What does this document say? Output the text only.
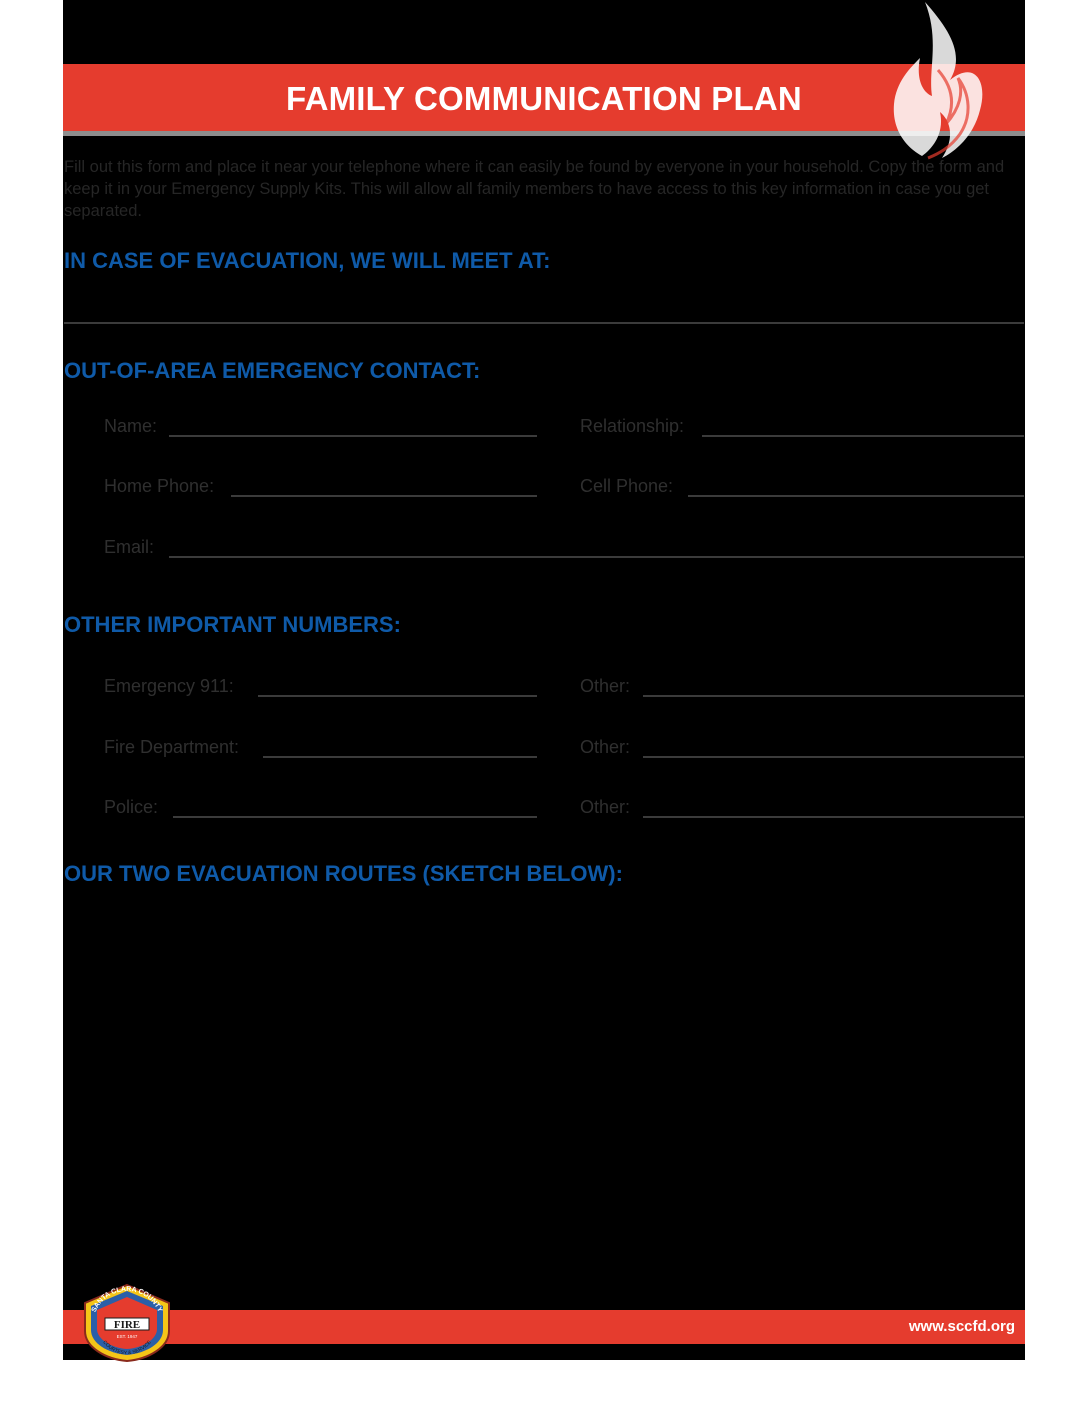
FAMILY COMMUNICATION PLAN

Fill out this form and place it near your telephone where it can easily be found by everyone in your household. Copy the form and keep it in your Emergency Supply Kits. This will allow all family members to have access to this key information in case you get separated.

IN CASE OF EVACUATION, WE WILL MEET AT:
OUT-OF-AREA EMERGENCY CONTACT:
Name:	Relationship:
Home Phone:	Cell Phone:
Email:
OTHER IMPORTANT NUMBERS:
Emergency 911:	Other:
Fire Department:	Other:
Police:	Other:
OUR TWO EVACUATION ROUTES (SKETCH BELOW):
www.sccfd.org
SANTA CLARA COUNTY
FIRE
EST. 1947
COURTESY & SERVICE
